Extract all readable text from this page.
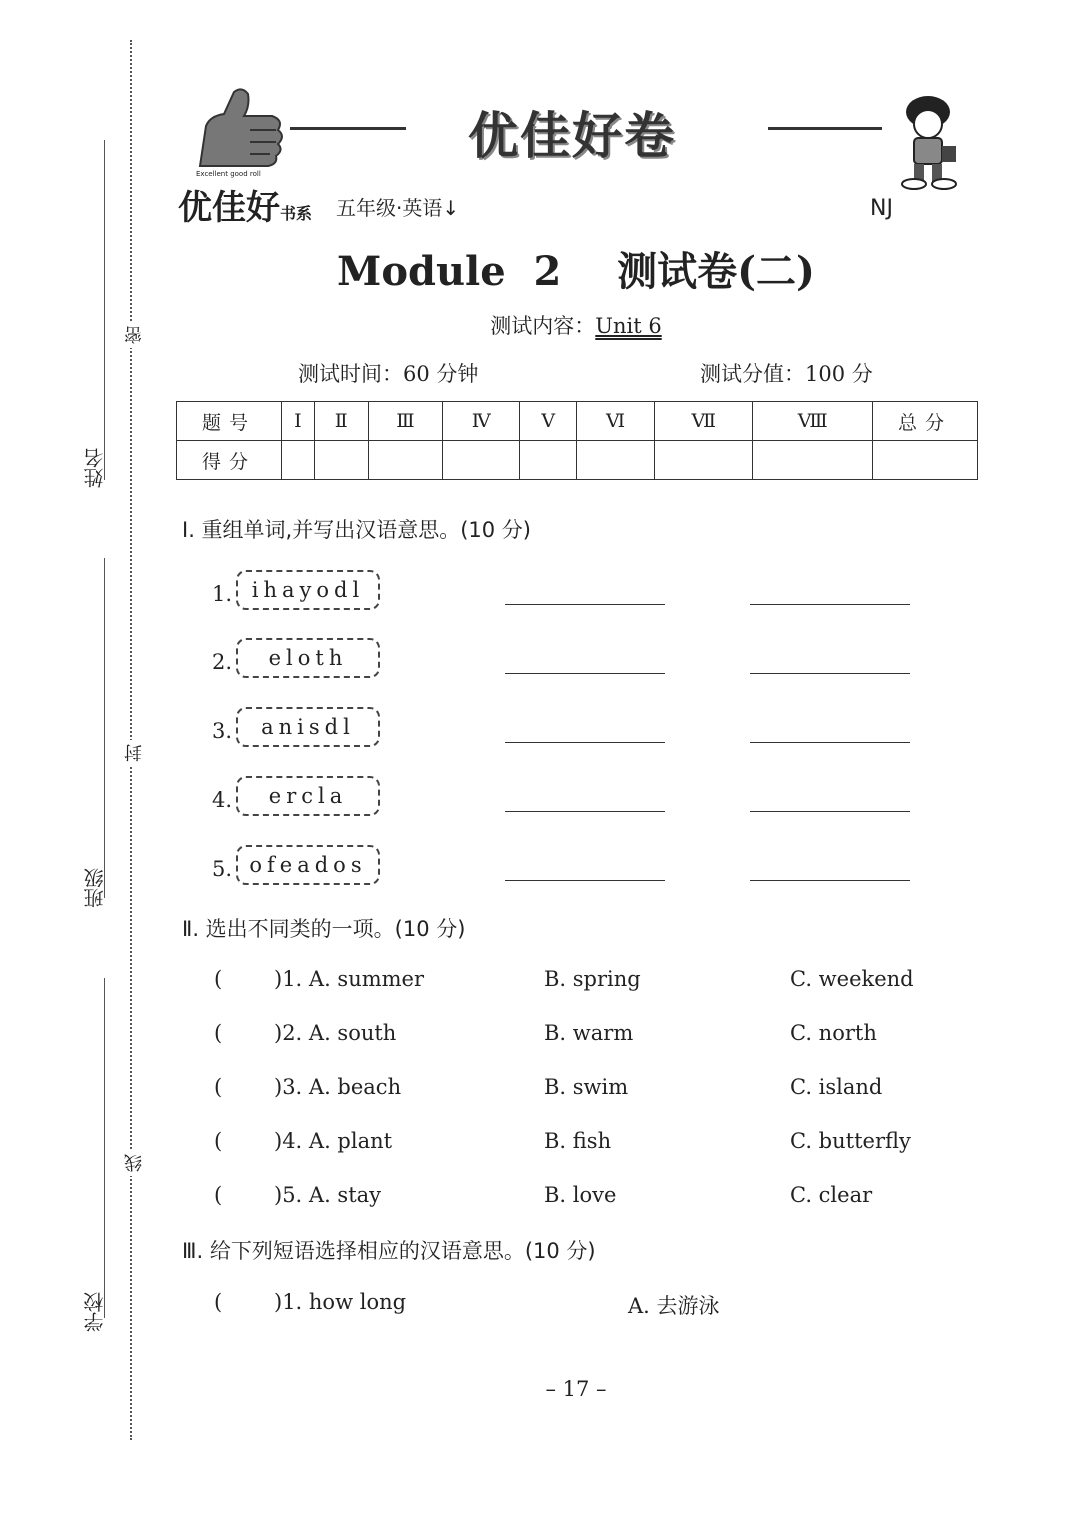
姓名
班级
学校
密
封
线
Excellent good roll
优佳好卷
优佳好书系 五年级·英语↓	NJ
Module  2    测试卷(二)
测试内容：Unit 6
测试时间：60 分钟	测试分值：100 分
题号	Ⅰ	Ⅱ	Ⅲ	Ⅳ	Ⅴ	Ⅵ	Ⅶ	Ⅷ	总分
得分									
Ⅰ. 重组单词,并写出汉语意思。(10 分)
1. ihayodl
2.	eloth
3.	anisdl
4.	ercla
5. ofeados
Ⅱ. 选出不同类的一项。(10 分)
( )1. A. summer	B. spring	C. weekend
( )2. A. south	B. warm	C. north
( )3. A. beach	B. swim	C. island
( )4. A. plant	B. fish	C. butterfly
( )5. A. stay	B. love	C. clear
Ⅲ. 给下列短语选择相应的汉语意思。(10 分)
( )1. how long	A. 去游泳
– 17 –
